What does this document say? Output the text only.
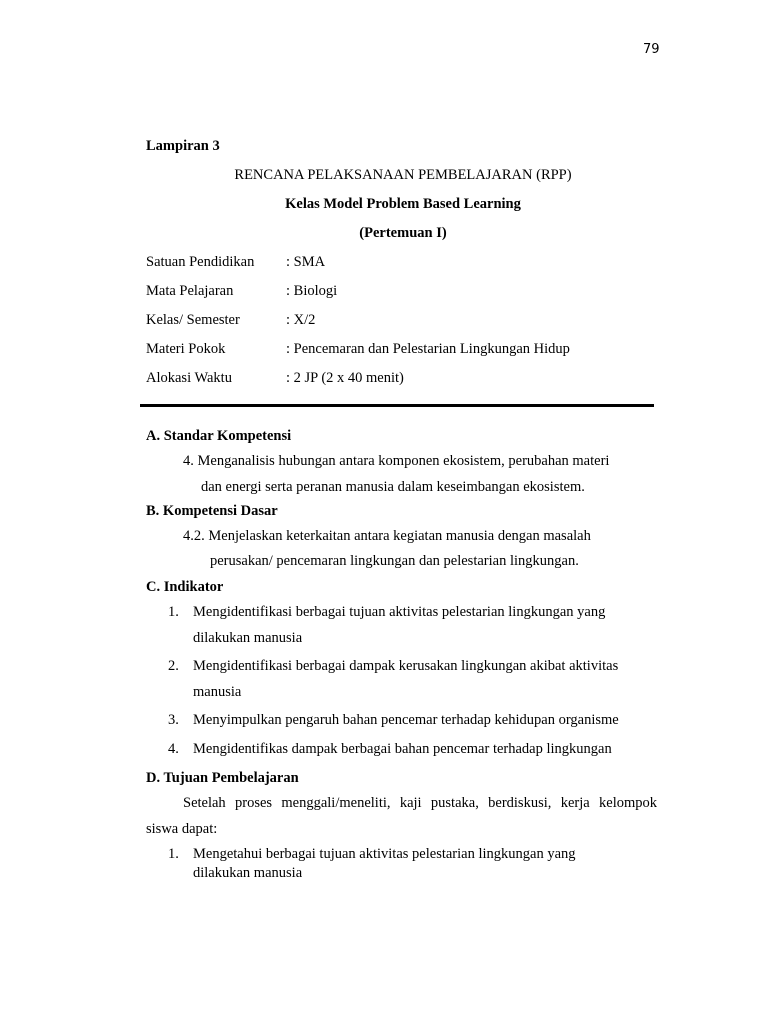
79
Lampiran 3
RENCANA PELAKSANAAN PEMBELAJARAN (RPP)
Kelas Model Problem Based Learning
(Pertemuan I)
Satuan Pendidikan : SMA
Mata Pelajaran	: Biologi
Kelas/ Semester	: X/2
Materi Pokok	: Pencemaran dan Pelestarian Lingkungan Hidup
Alokasi Waktu	: 2 JP (2 x 40 menit)
A. Standar Kompetensi
4. Menganalisis hubungan antara komponen ekosistem, perubahan materi
dan energi serta peranan manusia dalam keseimbangan ekosistem.
B. Kompetensi Dasar
4.2. Menjelaskan keterkaitan antara kegiatan manusia dengan masalah
perusakan/ pencemaran lingkungan dan pelestarian lingkungan.
C. Indikator
1. Mengidentifikasi berbagai tujuan aktivitas pelestarian lingkungan yang
dilakukan manusia
2. Mengidentifikasi berbagai dampak kerusakan lingkungan akibat aktivitas
manusia
3. Menyimpulkan pengaruh bahan pencemar terhadap kehidupan organisme
4. Mengidentifikas dampak berbagai bahan pencemar terhadap lingkungan
D. Tujuan Pembelajaran
Setelah proses menggali/meneliti, kaji pustaka, berdiskusi, kerja kelompok
siswa dapat:
1. Mengetahui berbagai tujuan aktivitas pelestarian lingkungan yang
dilakukan manusia
